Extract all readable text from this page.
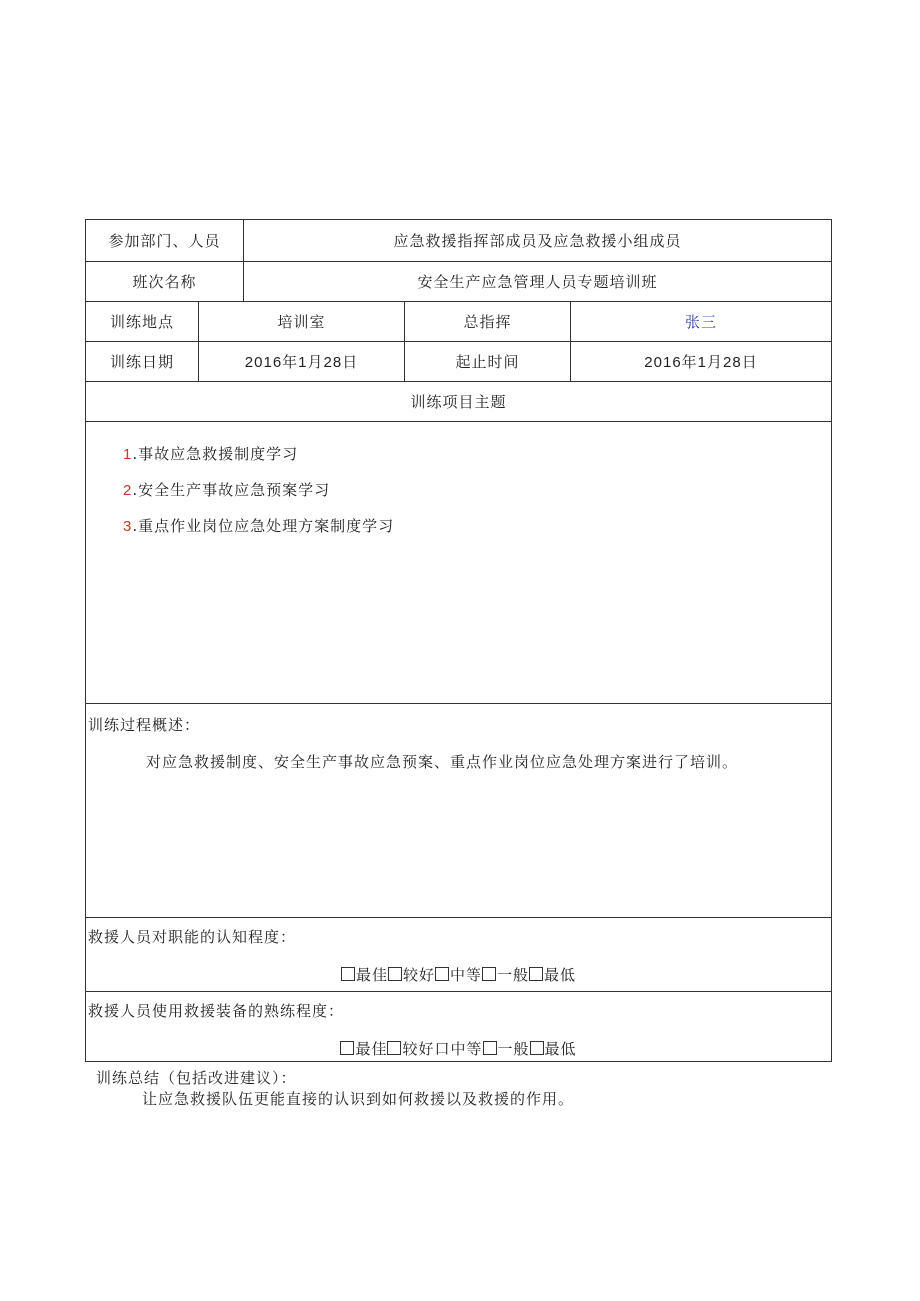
参加部门、人员	应急救援指挥部成员及应急救援小组成员
班次名称	安全生产应急管理人员专题培训班
训练地点	培训室	总指挥	张三
训练日期	2016年1月28日	起止时间	2016年1月28日
训练项目主题
1.事故应急救援制度学习
2.安全生产事故应急预案学习
3.重点作业岗位应急处理方案制度学习
训练过程概述：
对应急救援制度、安全生产事故应急预案、重点作业岗位应急处理方案进行了培训。
救援人员对职能的认知程度：
最佳 较好 中等 一般 最低
救援人员使用救援装备的熟练程度：
最佳 较好口中等 一般 最低
训练总结（包括改进建议）：
让应急救援队伍更能直接的认识到如何救援以及救援的作用。
